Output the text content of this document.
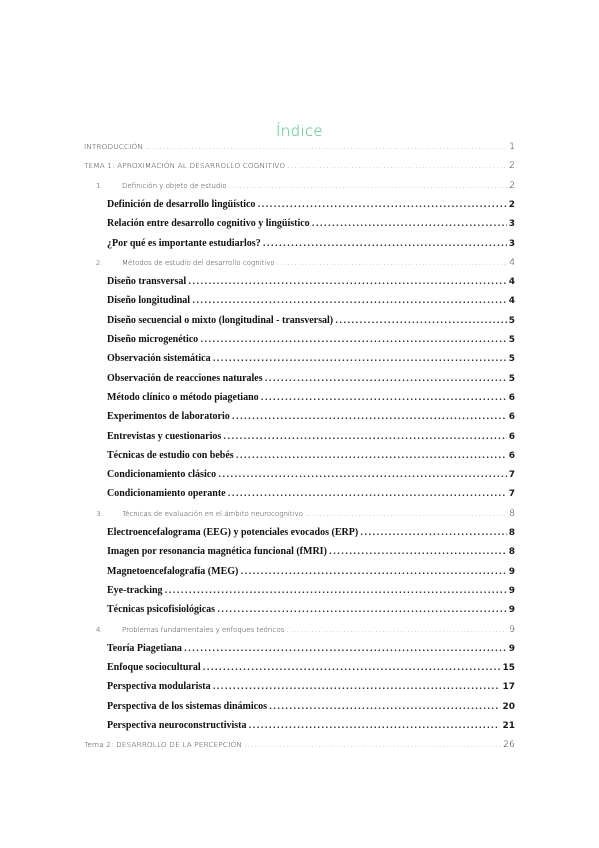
Índice
INTRODUCCIÓN .....	1
TEMA 1: APROXIMACIÓN AL DESARROLLO COGNITIVO .....	2
1.	Definición y objeto de estudio .....	2
Definición de desarrollo lingüístico .....	2
Relación entre desarrollo cognitivo y lingüístico .....	3
¿Por qué es importante estudiarlos? .....	3
2.	Métodos de estudio del desarrollo cognitivo .....	4
Diseño transversal .....	4
Diseño longitudinal .....	4
Diseño secuencial o mixto (longitudinal - transversal) .....	5
Diseño microgenético .....	5
Observación sistemática .....	5
Observación de reacciones naturales .....	5
Método clínico o método piagetiano .....	6
Experimentos de laboratorio .....	6
Entrevistas y cuestionarios .....	6
Técnicas de estudio con bebés .....	6
Condicionamiento clásico .....	7
Condicionamiento operante .....	7
3.	Técnicas de evaluación en el ámbito neurocognitivo .....	8
Electroencefalograma (EEG) y potenciales evocados (ERP) .....	8
Imagen por resonancia magnética funcional (fMRI) .....	8
Magnetoencefalografía (MEG) .....	9
Eye-tracking .....	9
Técnicas psicofisiológicas .....	9
4.	Problemas fundamentales y enfoques teóricos .....	9
Teoría Piagetiana .....	9
Enfoque sociocultural .....	15
Perspectiva modularista .....	17
Perspectiva de los sistemas dinámicos .....	20
Perspectiva neuroconstructivista .....	21
Tema 2: DESARROLLO DE LA PERCEPCIÓN .....	26
